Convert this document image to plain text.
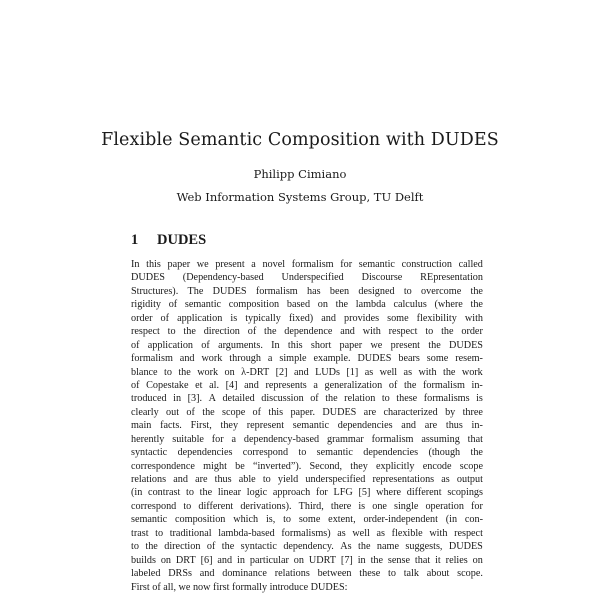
Flexible Semantic Composition with DUDES
Philipp Cimiano
Web Information Systems Group, TU Delft
1 DUDES
In this paper we present a novel formalism for semantic construction called
DUDES (Dependency-based Underspecified Discourse REpresentation
Structures). The DUDES formalism has been designed to overcome the
rigidity of semantic composition based on the lambda calculus (where the
order of application is typically fixed) and provides some flexibility with
respect to the direction of the dependence and with respect to the order
of application of arguments. In this short paper we present the DUDES
formalism and work through a simple example. DUDES bears some resem-
blance to the work on λ-DRT [2] and LUDs [1] as well as with the work
of Copestake et al. [4] and represents a generalization of the formalism in-
troduced in [3]. A detailed discussion of the relation to these formalisms is
clearly out of the scope of this paper. DUDES are characterized by three
main facts. First, they represent semantic dependencies and are thus in-
herently suitable for a dependency-based grammar formalism assuming that
syntactic dependencies correspond to semantic dependencies (though the
correspondence might be “inverted”). Second, they explicitly encode scope
relations and are thus able to yield underspecified representations as output
(in contrast to the linear logic approach for LFG [5] where different scopings
correspond to different derivations). Third, there is one single operation for
semantic composition which is, to some extent, order-independent (in con-
trast to traditional lambda-based formalisms) as well as flexible with respect
to the direction of the syntactic dependency. As the name suggests, DUDES
builds on DRT [6] and in particular on UDRT [7] in the sense that it relies on
labeled DRSs and dominance relations between these to talk about scope.
First of all, we now first formally introduce DUDES:
